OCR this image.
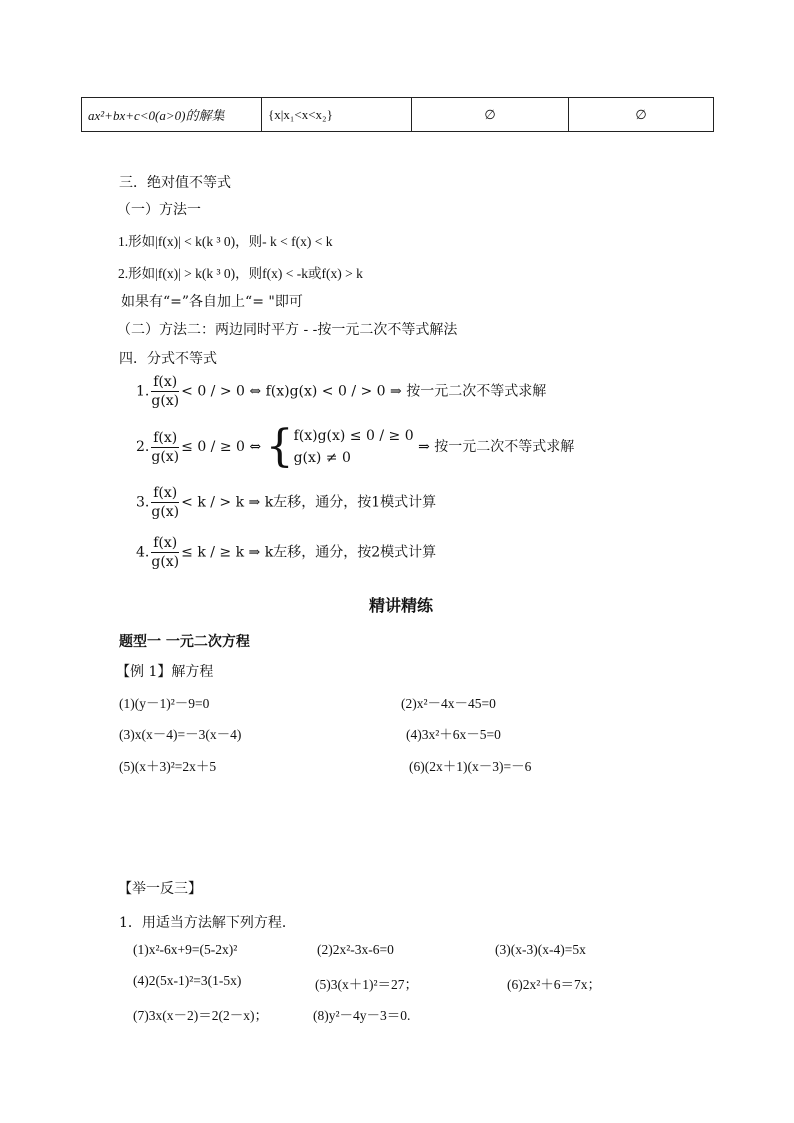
ax²+bx+c<0(a>0)的解集	{x|x₁<x<x₂}	∅	∅
三．绝对值不等式
（一）方法一
1.形如|f(x)| < k(k ³ 0)，则- k < f(x) < k
2.形如|f(x)| > k(k ³ 0)，则f(x) < -k或f(x) > k
如果有“=”各自加上“= "即可
（二）方法二：两边同时平方 - -按一元二次不等式解法
四．分式不等式
1. $\frac{f(x)}{g(x)} < 0$ / > 0 ⇔ f(x)g(x) < 0 / > 0 ⇒ 按一元二次不等式求解
2. $\frac{f(x)}{g(x)} \le 0$ / ≥ 0 ⇔ { f(x)g(x) ≤ 0 / ≥ 0
g(x) ≠ 0
⇒ 按一元二次不等式求解
3. $\frac{f(x)}{g(x)} < k$ / > k ⇒ k左移，通分，按1模式计算
4. $\frac{f(x)}{g(x)} \le k$ / ≥ k ⇒ k左移，通分，按2模式计算
精讲精练
题型一 一元二次方程
【例 1】解方程
(1)(y－1)²－9=0	(2)x²－4x－45=0
(3)x(x－4)=－3(x－4)	(4)3x²＋6x－5=0
(5)(x＋3)²=2x＋5	(6)(2x＋1)(x－3)=－6
【举一反三】
1．用适当方法解下列方程．
(1)x²-6x+9=(5-2x)²	(2)2x²-3x-6=0	(3)(x-3)(x-4)=5x
(4)2(5x-1)²=3(1-5x)	(5)3(x＋1)²＝27；	(6)2x²＋6＝7x；
(7)3x(x－2)＝2(2－x)；	(8)y²－4y－3＝0.
